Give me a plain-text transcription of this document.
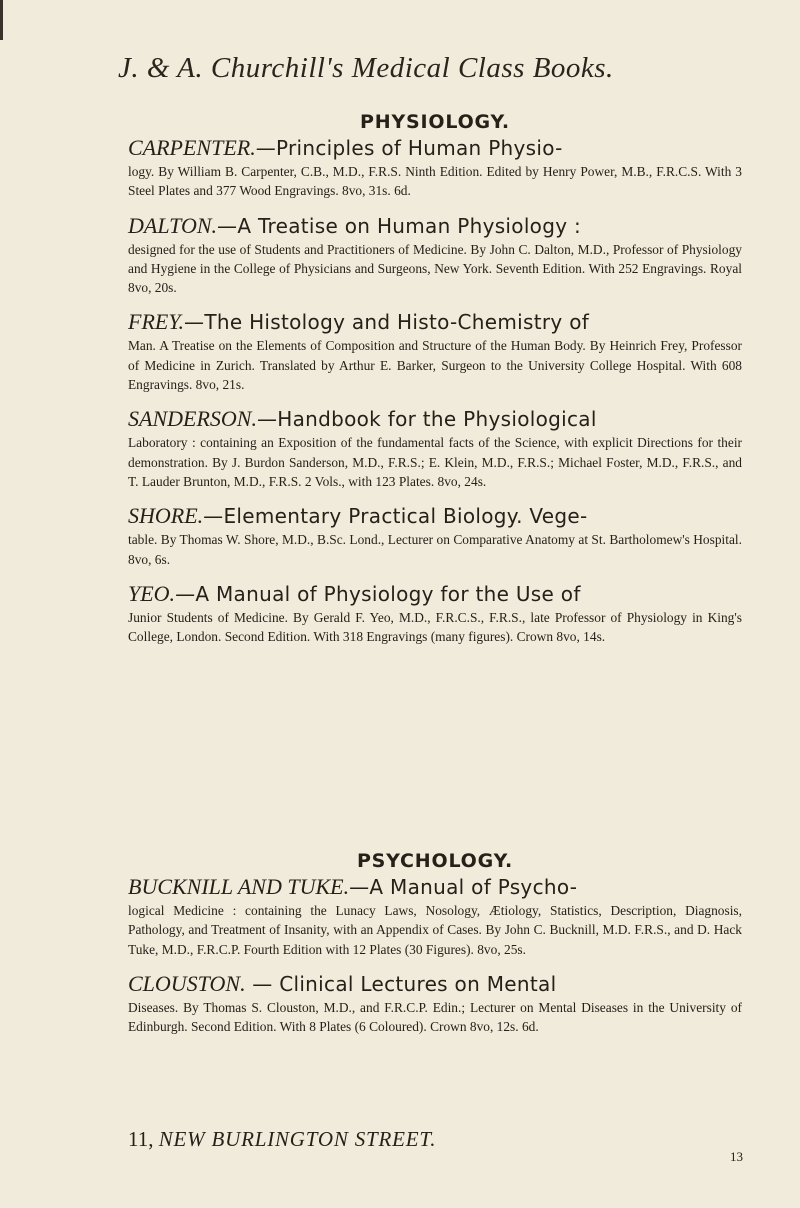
J. & A. Churchill's Medical Class Books.
PHYSIOLOGY.

CARPENTER.—Principles of Human Physio-

logy. By William B. Carpenter, C.B., M.D., F.R.S. Ninth Edition. Edited by Henry Power, M.B., F.R.C.S. With 3 Steel Plates and 377 Wood Engravings. 8vo, 31s. 6d.

DALTON.—A Treatise on Human Physiology :

designed for the use of Students and Practitioners of Medicine. By John C. Dalton, M.D., Professor of Physiology and Hygiene in the College of Physicians and Surgeons, New York. Seventh Edition. With 252 Engravings. Royal 8vo, 20s.

FREY.—The Histology and Histo-Chemistry of

Man. A Treatise on the Elements of Composition and Structure of the Human Body. By Heinrich Frey, Professor of Medicine in Zurich. Translated by Arthur E. Barker, Surgeon to the University College Hospital. With 608 Engravings. 8vo, 21s.

SANDERSON.—Handbook for the Physiological

Laboratory : containing an Exposition of the fundamental facts of the Science, with explicit Directions for their demonstration. By J. Burdon Sanderson, M.D., F.R.S.; E. Klein, M.D., F.R.S.; Michael Foster, M.D., F.R.S., and T. Lauder Brunton, M.D., F.R.S. 2 Vols., with 123 Plates. 8vo, 24s.

SHORE.—Elementary Practical Biology. Vege-

table. By Thomas W. Shore, M.D., B.Sc. Lond., Lecturer on Comparative Anatomy at St. Bartholomew's Hospital. 8vo, 6s.

YEO.—A Manual of Physiology for the Use of

Junior Students of Medicine. By Gerald F. Yeo, M.D., F.R.C.S., F.R.S., late Professor of Physiology in King's College, London. Second Edition. With 318 Engravings (many figures). Crown 8vo, 14s.

PSYCHOLOGY.

BUCKNILL AND TUKE.—A Manual of Psycho-

logical Medicine : containing the Lunacy Laws, Nosology, Ætiology, Statistics, Description, Diagnosis, Pathology, and Treatment of Insanity, with an Appendix of Cases. By John C. Bucknill, M.D. F.R.S., and D. Hack Tuke, M.D., F.R.C.P. Fourth Edition with 12 Plates (30 Figures). 8vo, 25s.

CLOUSTON. — Clinical Lectures on Mental

Diseases. By Thomas S. Clouston, M.D., and F.R.C.P. Edin.; Lecturer on Mental Diseases in the University of Edinburgh. Second Edition. With 8 Plates (6 Coloured). Crown 8vo, 12s. 6d.

11, NEW BURLINGTON STREET.
13
